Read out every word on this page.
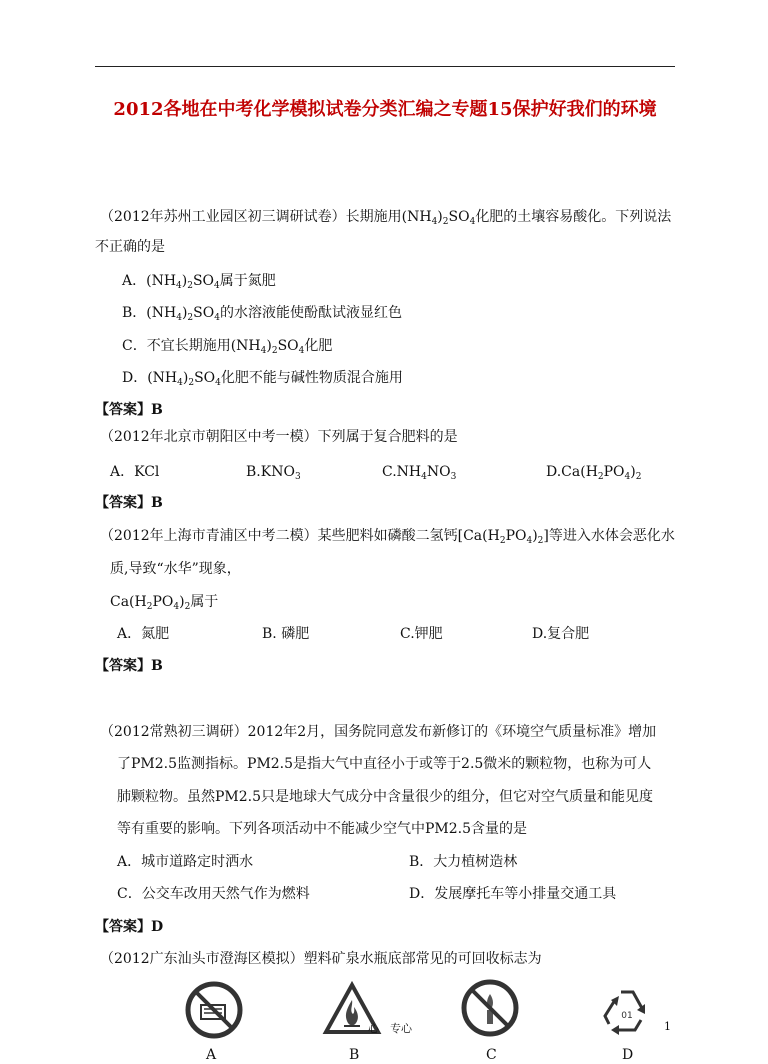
2012各地在中考化学模拟试卷分类汇编之专题15保护好我们的环境
（2012年苏州工业园区初三调研试卷）长期施用$(NH_4)_2SO_4$化肥的土壤容易酸化。下列说法
不正确的是
A．$(NH_4)_2SO_4$属于氮肥
B．$(NH_4)_2SO_4$的水溶液能使酚酞试液显红色
C．不宜长期施用$(NH_4)_2SO_4$化肥
D．$(NH_4)_2SO_4$化肥不能与碱性物质混合施用
【答案】B
（2012年北京市朝阳区中考一模）下列属于复合肥料的是
A．KCl	$B.KNO_3$	$C.NH_4NO_3$	$D.Ca(H_2PO_4)_2$
【答案】B
（2012年上海市青浦区中考二模）某些肥料如磷酸二氢钙$[Ca(H_2PO_4)_2]$等进入水体会恶化水
质,导致“水华”现象，
$Ca(H_2PO_4)_2$属于
A．氮肥	B. 磷肥	C.钾肥	D.复合肥
【答案】B
（2012常熟初三调研）2012年2月，国务院同意发布新修订的《环境空气质量标准》增加
了PM2.5监测指标。PM2.5是指大气中直径小于或等于2.5微米的颗粒物，也称为可人
肺颗粒物。虽然PM2.5只是地球大气成分中含量很少的组分，但它对空气质量和能见度
等有重要的影响。下列各项活动中不能减少空气中PM2.5含量的是
A．城市道路定时洒水	B．大力植树造林
C．公交车改用天然气作为燃料	D．发展摩托车等小排量交通工具
【答案】D
（2012广东汕头市澄海区模拟）塑料矿泉水瓶底部常见的可回收标志为
01
A	B	C	D
心　专心	1
